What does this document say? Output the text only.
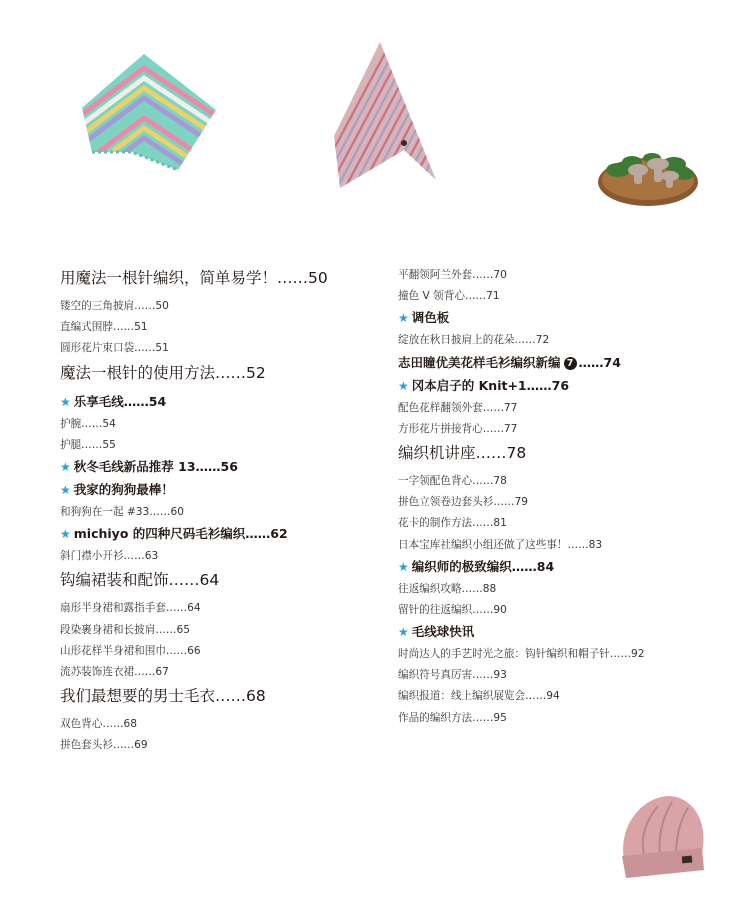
用魔法一根针编织，简单易学！……50
镂空的三角披肩……50
直编式围脖……51
圆形花片束口袋……51
魔法一根针的使用方法……52
★ 乐享毛线……54
护腕……54
护腿……55
★ 秋冬毛线新品推荐 13……56
★ 我家的狗狗最棒！
和狗狗在一起 #33……60
★ michiyo 的四种尺码毛衫编织……62
斜门襟小开衫……63
钩编裙装和配饰……64
扇形半身裙和露指手套……64
段染裹身裙和长披肩……65
山形花样半身裙和围巾……66
流苏装饰连衣裙……67
我们最想要的男士毛衣……68
双色背心……68
拼色套头衫……69
平翻领阿兰外套……70
撞色 V 领背心……71
★ 调色板
绽放在秋日披肩上的花朵……72
志田瞳优美花样毛衫编织新编 7 ……74
★ 冈本启子的 Knit+1……76
配色花样翻领外套……77
方形花片拼接背心……77
编织机讲座……78
一字领配色背心……78
拼色立领卷边套头衫……79
花卡的制作方法……81
日本宝库社编织小组还做了这些事！……83
★ 编织师的极致编织……84
往返编织攻略……88
留针的往返编织……90
★ 毛线球快讯
时尚达人的手艺时光之旅：钩针编织和帽子针……92
编织符号真厉害……93
编织报道：线上编织展览会……94
作品的编织方法……95
